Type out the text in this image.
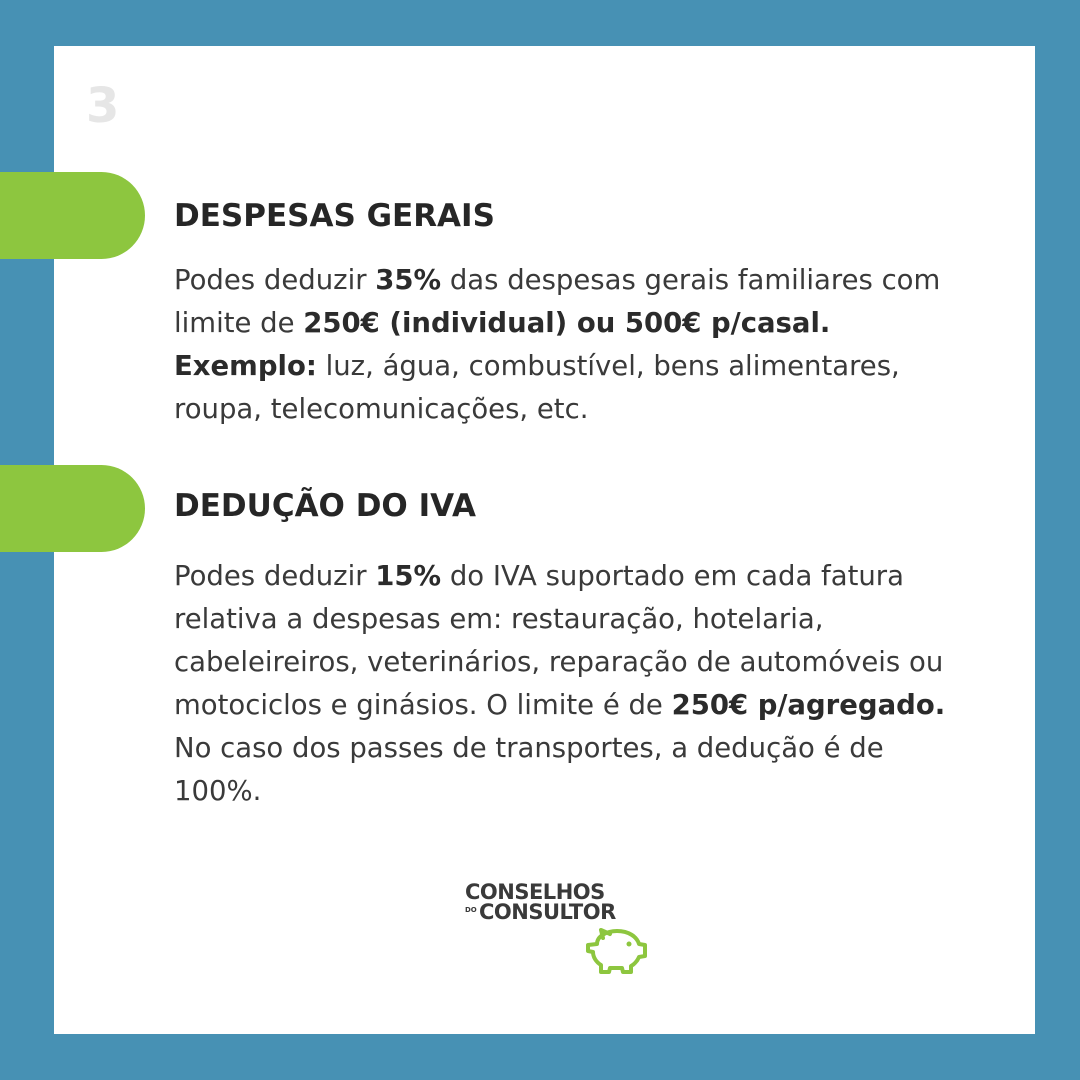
3
DESPESAS GERAIS

Podes deduzir 35% das despesas gerais familiares com limite de 250€ (individual) ou 500€ p/casal. Exemplo: luz, água, combustível, bens alimentares, roupa, telecomunicações, etc.

DEDUÇÃO DO IVA

Podes deduzir 15% do IVA suportado em cada fatura relativa a despesas em: restauração, hotelaria, cabeleireiros, veterinários, reparação de automóveis ou motociclos e ginásios. O limite é de 250€ p/agregado. No caso dos passes de transportes, a dedução é de 100%.

CONSELHOS
DO CONSULTOR
